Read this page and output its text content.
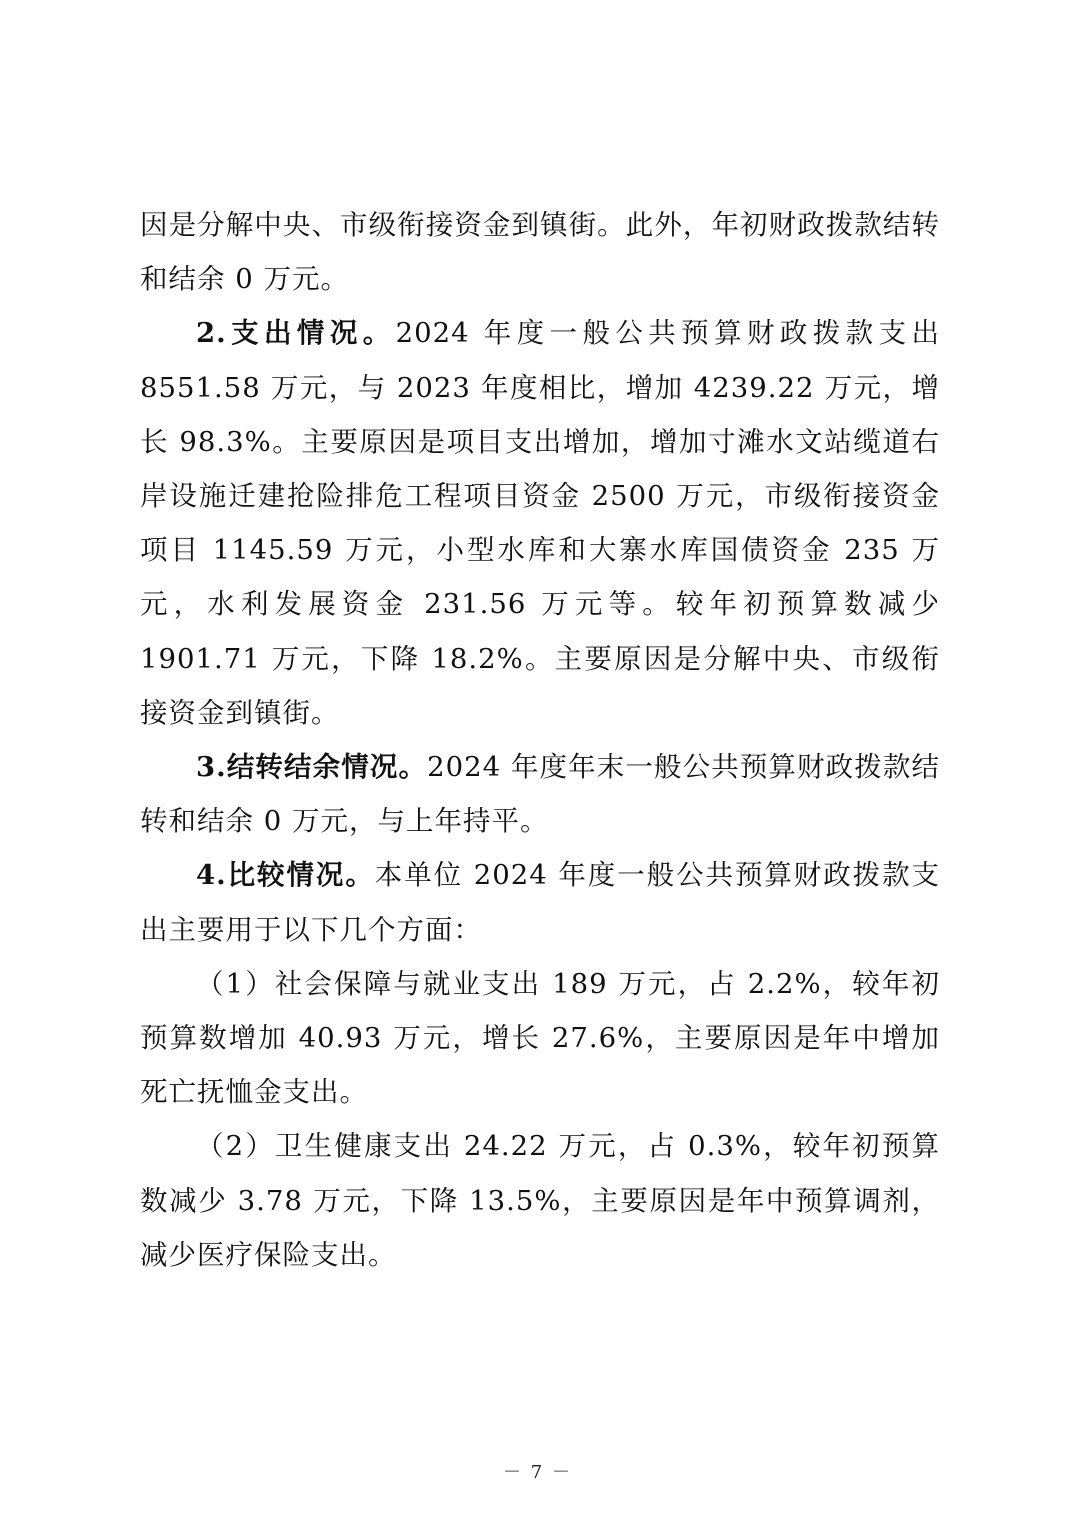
因是分解中央、市级衔接资金到镇街。此外，年初财政拨款结转和结余 0 万元。

2.支出情况。2024 年度一般公共预算财政拨款支出 8551.58 万元，与 2023 年度相比，增加 4239.22 万元，增长 98.3%。主要原因是项目支出增加，增加寸滩水文站缆道右岸设施迁建抢险排危工程项目资金 2500 万元，市级衔接资金项目 1145.59 万元，小型水库和大寨水库国债资金 235 万元，水利发展资金 231.56 万元等。较年初预算数减少 1901.71 万元，下降 18.2%。主要原因是分解中央、市级衔接资金到镇街。

3.结转结余情况。2024 年度年末一般公共预算财政拨款结转和结余 0 万元，与上年持平。

4.比较情况。本单位 2024 年度一般公共预算财政拨款支出主要用于以下几个方面：

（1）社会保障与就业支出 189 万元，占 2.2%，较年初预算数增加 40.93 万元，增长 27.6%，主要原因是年中增加死亡抚恤金支出。

（2）卫生健康支出 24.22 万元，占 0.3%，较年初预算数减少 3.78 万元，下降 13.5%，主要原因是年中预算调剂，减少医疗保险支出。

－ 7 －
